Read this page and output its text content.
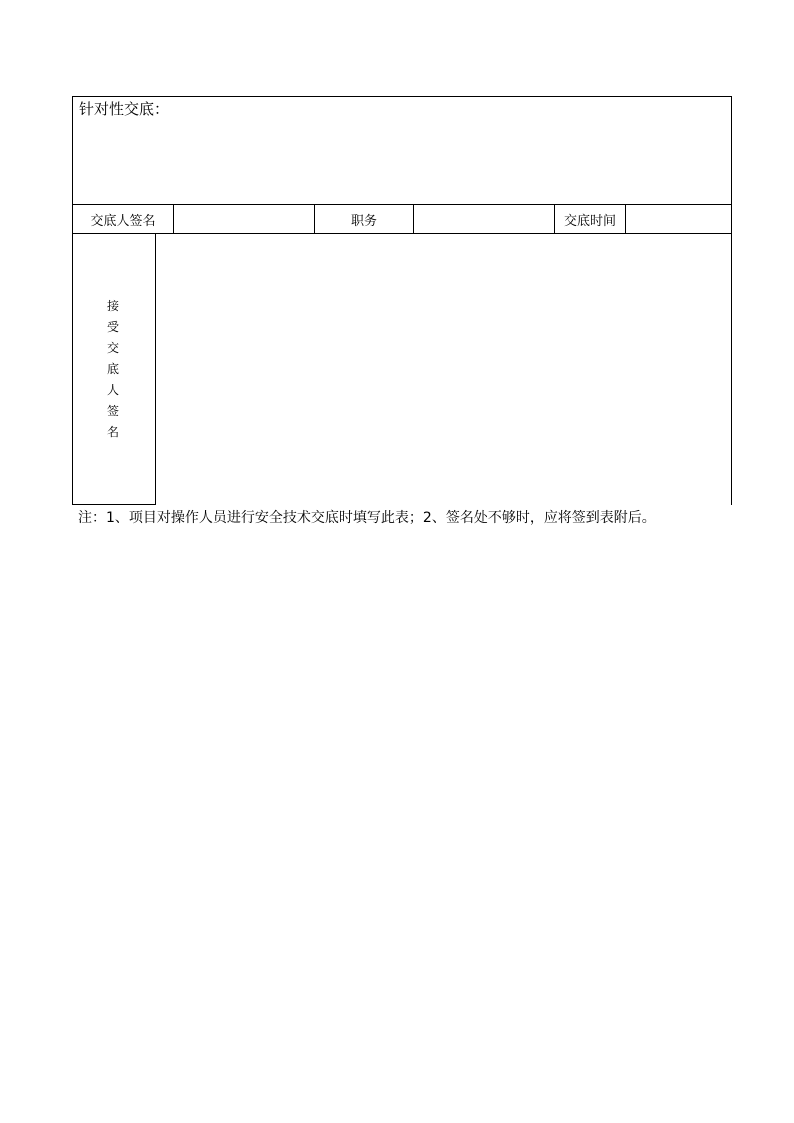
针对性交底：
交底人签名	职务	交底时间
接
受
交
底
人
签
名
注：1、项目对操作人员进行安全技术交底时填写此表；2、签名处不够时，应将签到表附后。
